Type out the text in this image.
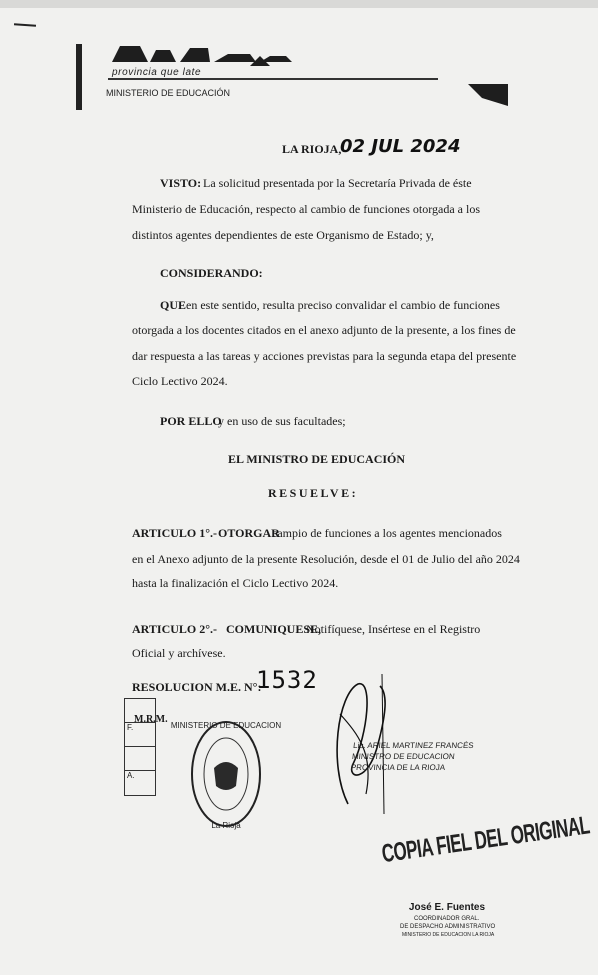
provincia que late
MINISTERIO DE EDUCACIÓN
LA RIOJA,
02 JUL 2024
VISTO: La solicitud presentada por la Secretaría Privada de éste
Ministerio de Educación, respecto al cambio de funciones otorgada a los
distintos agentes dependientes de este Organismo de Estado; y,
CONSIDERANDO:
QUE en este sentido, resulta preciso convalidar el cambio de funciones
otorgada a los docentes citados en el anexo adjunto de la presente, a los fines de
dar respuesta a las tareas y acciones previstas para la segunda etapa del presente
Ciclo Lectivo 2024.
POR ELLO
y en uso de sus facultades;
EL MINISTRO DE EDUCACIÓN
RESUELVE:
ARTICULO 1°.- OTORGAR
campio de funciones a los agentes mencionados
en el Anexo adjunto de la presente Resolución, desde el 01 de Julio del año 2024
hasta la finalización el Ciclo Lectivo 2024.
ARTICULO 2°.- COMUNIQUESE,
Notifíquese, Insértese en el Registro
Oficial y archívese.
RESOLUCION M.E. N°:
1532
F.
A.
M.R.M.
MINISTERIO DE EDUCACION
La Rioja
Lic. ARIEL MARTINEZ FRANCÉS
MINISTRO DE EDUCACION
PROVINCIA DE LA RIOJA
COPIA FIEL DEL ORIGINAL
José E. Fuentes
COORDINADOR GRAL.
DE DESPACHO ADMINISTRATIVO
MINISTERIO DE EDUCACION LA RIOJA
